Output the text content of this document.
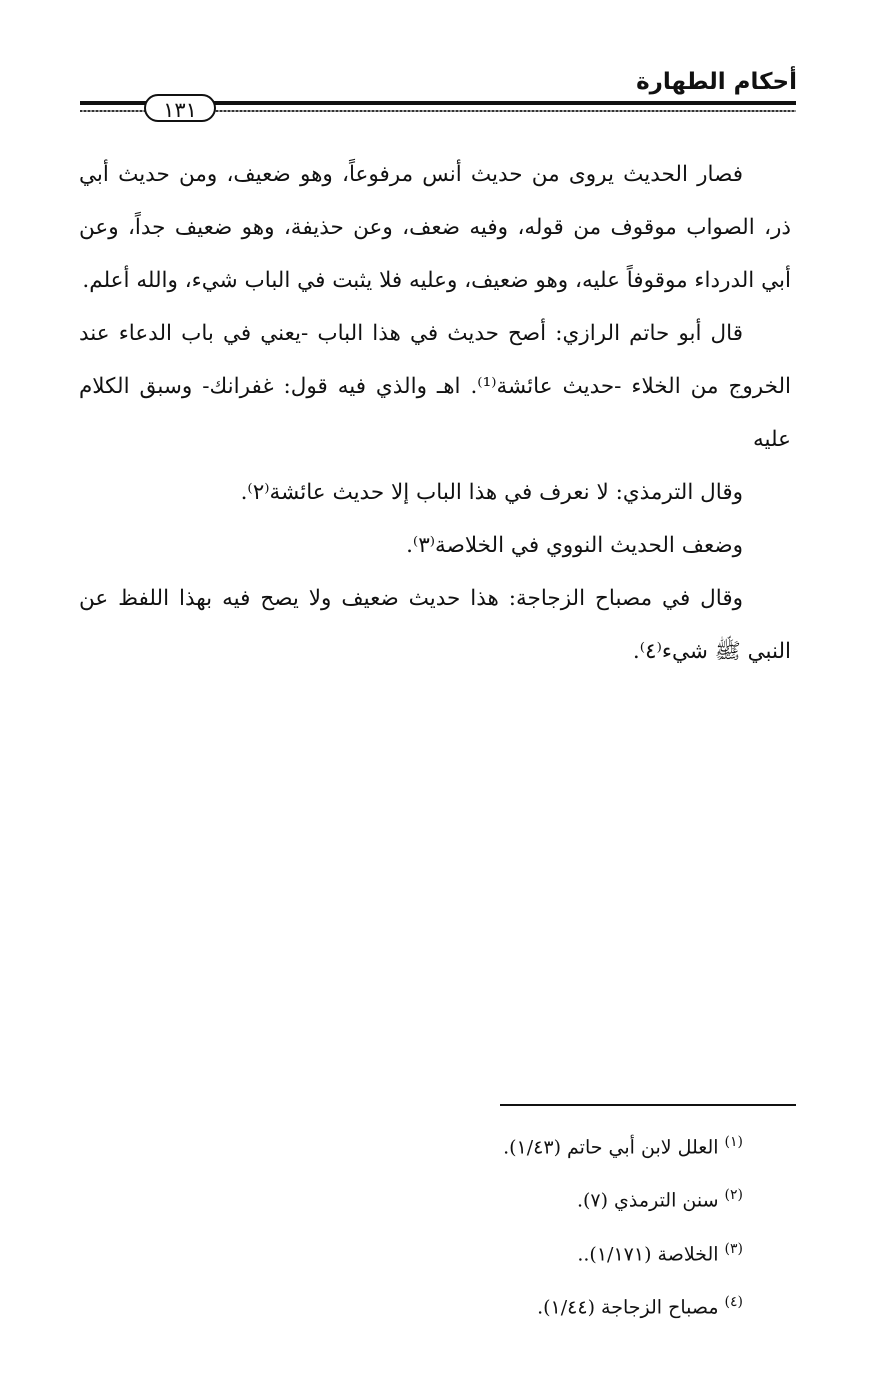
أحكام الطهارة
١٣١

فصار الحديث يروى من حديث أنس مرفوعاً، وهو ضعيف، ومن حديث أبي ذر، الصواب موقوف من قوله، وفيه ضعف، وعن حذيفة، وهو ضعيف جداً، وعن أبي الدرداء موقوفاً عليه، وهو ضعيف، وعليه فلا يثبت في الباب شيء، والله أعلم.

قال أبو حاتم الرازي: أصح حديث في هذا الباب -يعني في باب الدعاء عند الخروج من الخلاء -حديث عائشة⁽¹⁾. اهـ والذي فيه قول: غفرانك- وسبق الكلام عليه

وقال الترمذي: لا نعرف في هذا الباب إلا حديث عائشة⁽٢⁾.

وضعف الحديث النووي في الخلاصة⁽٣⁾.

وقال في مصباح الزجاجة: هذا حديث ضعيف ولا يصح فيه بهذا اللفظ عن النبي ﷺ شيء⁽٤⁾.

$^{(١)}$العلل لابن أبي حاتم (١/٤٣).

$^{(٢)}$سنن الترمذي (٧).

$^{(٣)}$الخلاصة (١/١٧١)..

$^{(٤)}$مصباح الزجاجة (١/٤٤).
